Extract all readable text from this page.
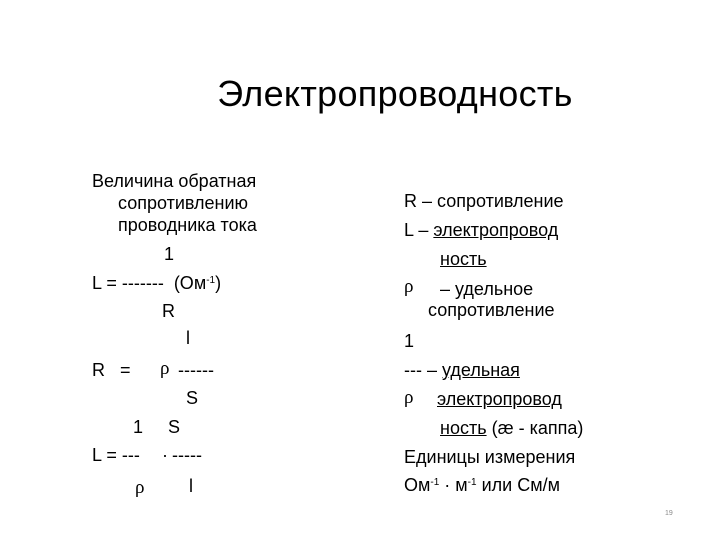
Электропроводность
Величина обратная
сопротивлению
проводника тока
1
L = -------  $(Ом^{-1})$
R
l
R   = ρ ------
S
1     S
L = --- · -----
ρ l
R – сопротивление
L – электропровод
ность
ρ – удельное
сопротивление
1
--- – удельная
ρ электропровод
ность (æ - каппа)
Единицы измерения
$Ом^{-1} \cdot м^{-1}$ или См/м
19
